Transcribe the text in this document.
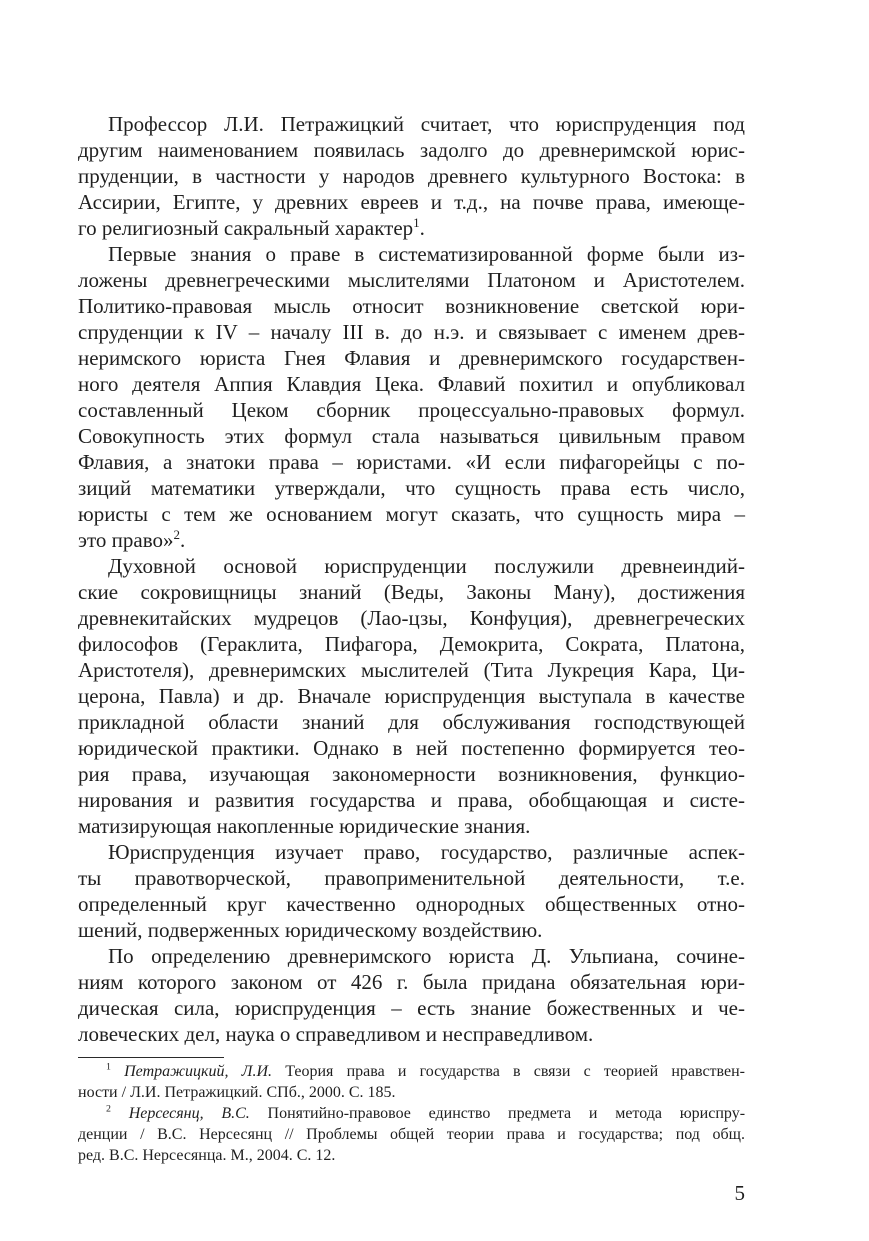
Профессор Л.И. Петражицкий считает, что юриспруденция под
другим наименованием появилась задолго до древнеримской юрис-
пруденции, в частности у народов древнего культурного Востока: в
Ассирии, Египте, у древних евреев и т.д., на почве права, имеюще-
го религиозный сакральный характер$^1$.
Первые знания о праве в систематизированной форме были из-
ложены древнегреческими мыслителями Платоном и Аристотелем.
Политико-правовая мысль относит возникновение светской юри-
спруденции к IV – началу III в. до н.э. и связывает с именем древ-
неримского юриста Гнея Флавия и древнеримского государствен-
ного деятеля Аппия Клавдия Цека. Флавий похитил и опубликовал
составленный Цеком сборник процессуально-правовых формул.
Совокупность этих формул стала называться цивильным правом
Флавия, а знатоки права – юристами. «И если пифагорейцы с по-
зиций математики утверждали, что сущность права есть число,
юристы с тем же основанием могут сказать, что сущность мира –
это право»$^2$.
Духовной основой юриспруденции послужили древнеиндий-
ские сокровищницы знаний (Веды, Законы Ману), достижения
древнекитайских мудрецов (Лао-цзы, Конфуция), древнегреческих
философов (Гераклита, Пифагора, Демокрита, Сократа, Платона,
Аристотеля), древнеримских мыслителей (Тита Лукреция Кара, Ци-
церона, Павла) и др. Вначале юриспруденция выступала в качестве
прикладной области знаний для обслуживания господствующей
юридической практики. Однако в ней постепенно формируется тео-
рия права, изучающая закономерности возникновения, функцио-
нирования и развития государства и права, обобщающая и систе-
матизирующая накопленные юридические знания.
Юриспруденция изучает право, государство, различные аспек-
ты правотворческой, правоприменительной деятельности, т.е.
определенный круг качественно однородных общественных отно-
шений, подверженных юридическому воздействию.
По определению древнеримского юриста Д. Ульпиана, сочине-
ниям которого законом от 426 г. была придана обязательная юри-
дическая сила, юриспруденция – есть знание божественных и че-
ловеческих дел, наука о справедливом и несправедливом.
$^1$ Петражицкий, Л.И. Теория права и государства в связи с теорией нравствен-
ности / Л.И. Петражицкий. СПб., 2000. С. 185.
$^2$ Нерсесянц, В.С. Понятийно-правовое единство предмета и метода юриспру-
денции / В.С. Нерсесянц // Проблемы общей теории права и государства; под общ.
ред. В.С. Нерсесянца. М., 2004. С. 12.
5
